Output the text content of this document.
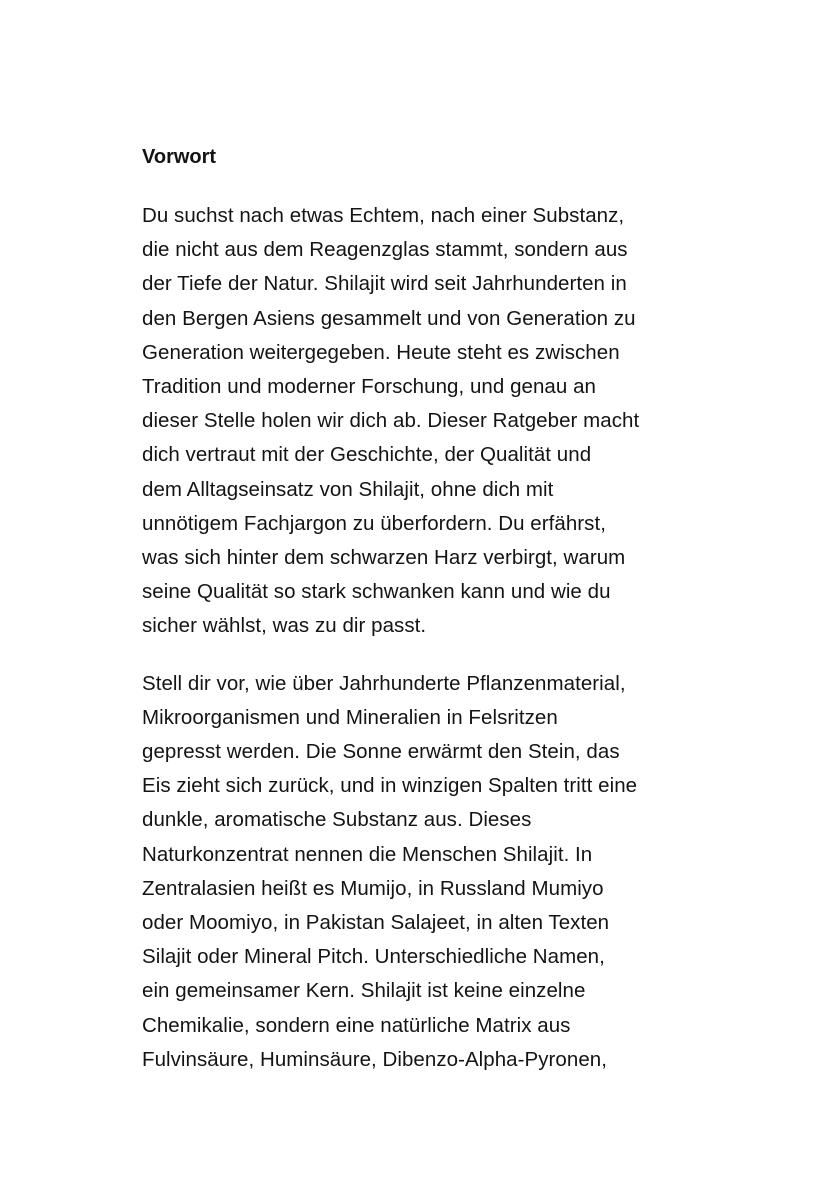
Vorwort
Du suchst nach etwas Echtem, nach einer Substanz,
die nicht aus dem Reagenzglas stammt, sondern aus
der Tiefe der Natur. Shilajit wird seit Jahrhunderten in
den Bergen Asiens gesammelt und von Generation zu
Generation weitergegeben. Heute steht es zwischen
Tradition und moderner Forschung, und genau an
dieser Stelle holen wir dich ab. Dieser Ratgeber macht
dich vertraut mit der Geschichte, der Qualität und
dem Alltagseinsatz von Shilajit, ohne dich mit
unnötigem Fachjargon zu überfordern. Du erfährst,
was sich hinter dem schwarzen Harz verbirgt, warum
seine Qualität so stark schwanken kann und wie du
sicher wählst, was zu dir passt.
Stell dir vor, wie über Jahrhunderte Pflanzenmaterial,
Mikroorganismen und Mineralien in Felsritzen
gepresst werden. Die Sonne erwärmt den Stein, das
Eis zieht sich zurück, und in winzigen Spalten tritt eine
dunkle, aromatische Substanz aus. Dieses
Naturkonzentrat nennen die Menschen Shilajit. In
Zentralasien heißt es Mumijo, in Russland Mumiyo
oder Moomiyo, in Pakistan Salajeet, in alten Texten
Silajit oder Mineral Pitch. Unterschiedliche Namen,
ein gemeinsamer Kern. Shilajit ist keine einzelne
Chemikalie, sondern eine natürliche Matrix aus
Fulvinsäure, Huminsäure, Dibenzo-Alpha-Pyronen,
